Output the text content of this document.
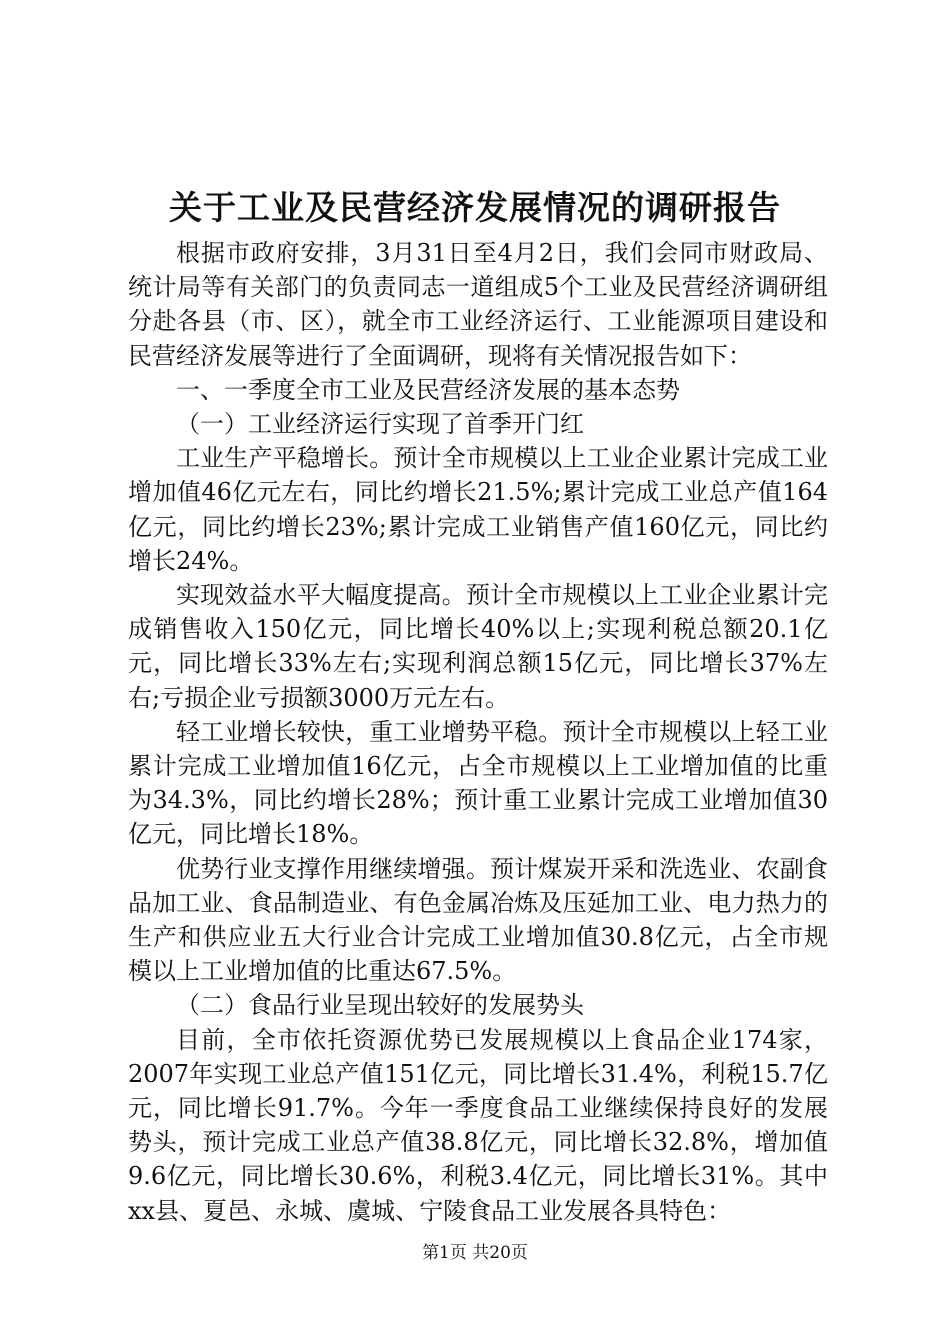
关于工业及民营经济发展情况的调研报告

根据市政府安排，3月31日至4月2日，我们会同市财政局、统计局等有关部门的负责同志一道组成5个工业及民营经济调研组分赴各县（市、区），就全市工业经济运行、工业能源项目建设和民营经济发展等进行了全面调研，现将有关情况报告如下：

一、一季度全市工业及民营经济发展的基本态势

（一）工业经济运行实现了首季开门红

工业生产平稳增长。预计全市规模以上工业企业累计完成工业增加值46亿元左右，同比约增长21.5%;累计完成工业总产值164亿元，同比约增长23%;累计完成工业销售产值160亿元，同比约增长24%。

实现效益水平大幅度提高。预计全市规模以上工业企业累计完成销售收入150亿元，同比增长40%以上;实现利税总额20.1亿元，同比增长33%左右;实现利润总额15亿元，同比增长37%左右;亏损企业亏损额3000万元左右。

轻工业增长较快，重工业增势平稳。预计全市规模以上轻工业累计完成工业增加值16亿元，占全市规模以上工业增加值的比重为34.3%，同比约增长28%；预计重工业累计完成工业增加值30亿元，同比增长18%。

优势行业支撑作用继续增强。预计煤炭开采和洗选业、农副食品加工业、食品制造业、有色金属冶炼及压延加工业、电力热力的生产和供应业五大行业合计完成工业增加值30.8亿元，占全市规模以上工业增加值的比重达67.5%。

（二）食品行业呈现出较好的发展势头

目前，全市依托资源优势已发展规模以上食品企业174家，2007年实现工业总产值151亿元，同比增长31.4%，利税15.7亿元，同比增长91.7%。今年一季度食品工业继续保持良好的发展势头，预计完成工业总产值38.8亿元，同比增长32.8%，增加值9.6亿元，同比增长30.6%，利税3.4亿元，同比增长31%。其中xx县、夏邑、永城、虞城、宁陵食品工业发展各具特色：

第1页 共20页
